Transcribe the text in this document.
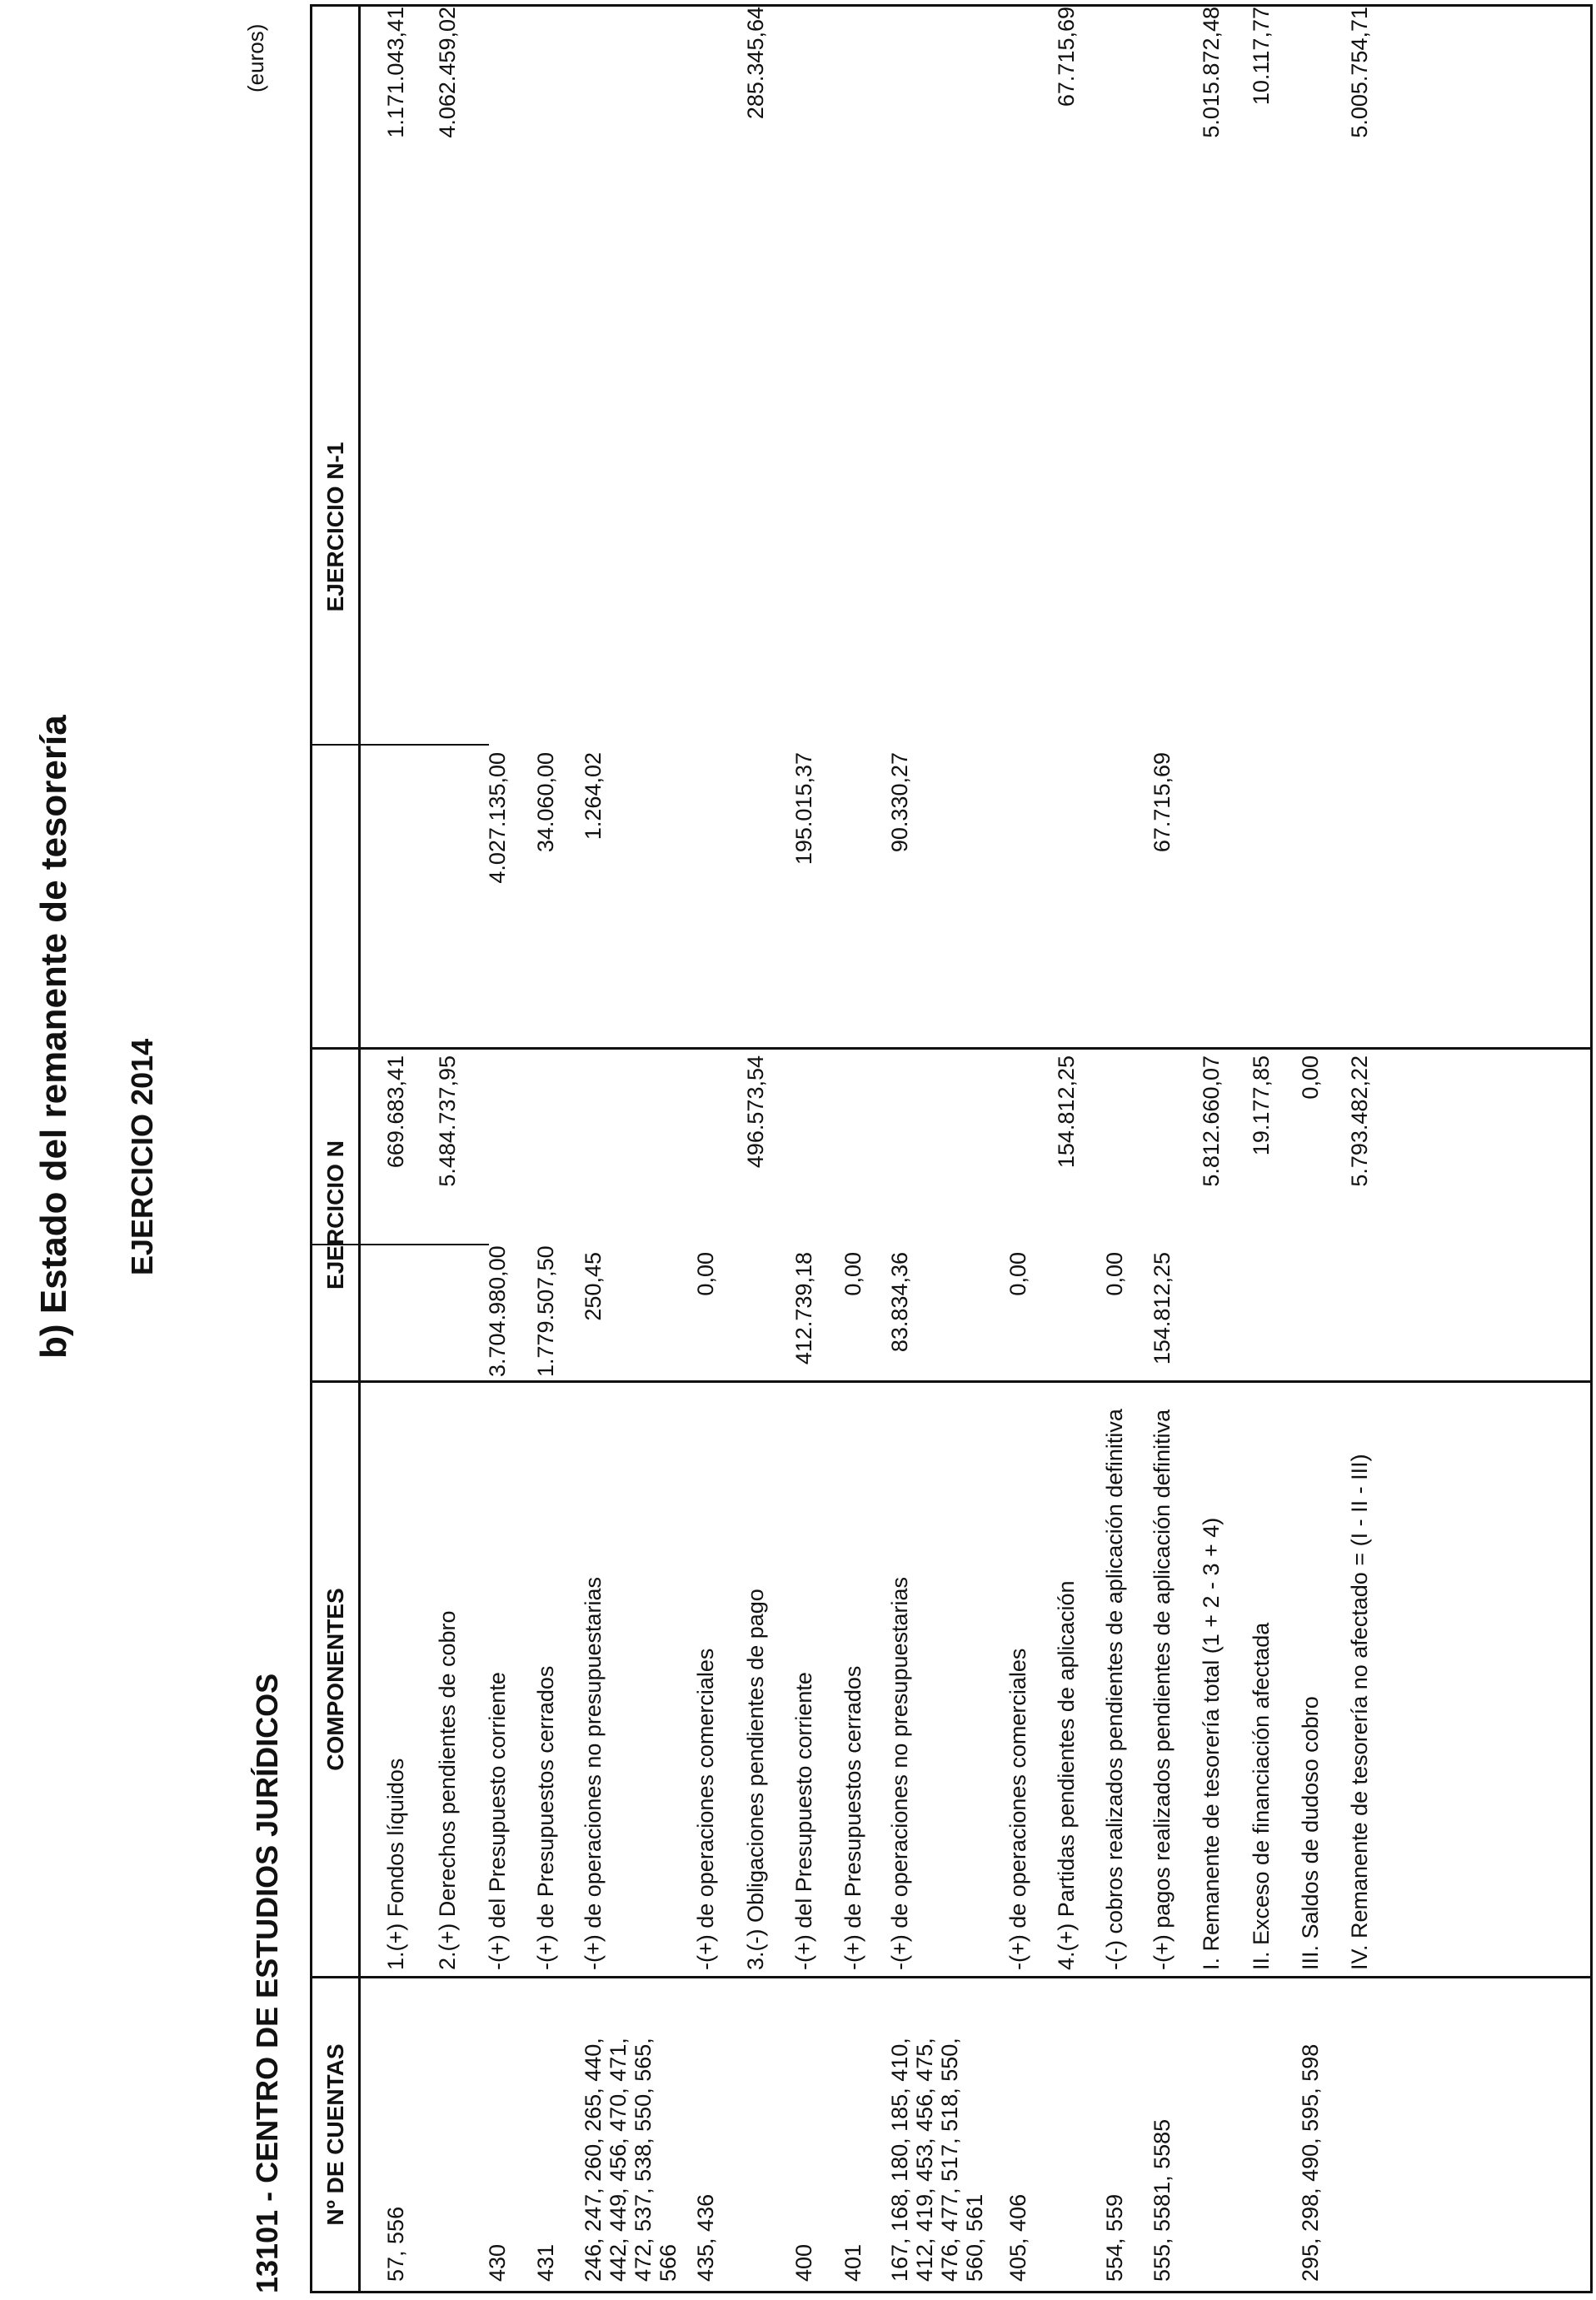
b) Estado del remanente de tesorería EJERCICIO 2014
13101 - CENTRO DE ESTUDIOS JURÍDICOS
(euros)
EJERCICIO N-1
EJERCICIO N
COMPONENTES
Nº DE CUENTAS
57, 556
1.(+) Fondos líquidos
669.683,41
1.171.043,41
2.(+) Derechos pendientes de cobro
5.484.737,95
4.062.459,02
430
-(+) del Presupuesto corriente
3.704.980,00
4.027.135,00
431
-(+) de Presupuestos cerrados
1.779.507,50
34.060,00
246, 247, 260, 265, 440, 442, 449, 456, 470, 471, 472, 537, 538, 550, 565, 566
-(+) de operaciones no presupuestarias
250,45
1.264,02
435, 436
-(+) de operaciones comerciales
0,00
3.(-) Obligaciones pendientes de pago
496.573,54
285.345,64
400
-(+) del Presupuesto corriente
412.739,18
195.015,37
401
-(+) de Presupuestos cerrados
0,00
167, 168, 180, 185, 410, 412, 419, 453, 456, 475, 476, 477, 517, 518, 550, 560, 561
-(+) de operaciones no presupuestarias
83.834,36
90.330,27
405, 406
-(+) de operaciones comerciales
0,00
4.(+) Partidas pendientes de aplicación
154.812,25
67.715,69
554, 559
-(-) cobros realizados pendientes de aplicación definitiva
0,00
555, 5581, 5585
-(+) pagos realizados pendientes de aplicación definitiva
154.812,25
67.715,69
I. Remanente de tesorería total (1 + 2 - 3 + 4)
5.812.660,07
5.015.872,48
II. Exceso de financiación afectada
19.177,85
10.117,77
295, 298, 490, 595, 598
III. Saldos de dudoso cobro
0,00
IV. Remanente de tesorería no afectado = (I - II - III)
5.793.482,22
5.005.754,71
